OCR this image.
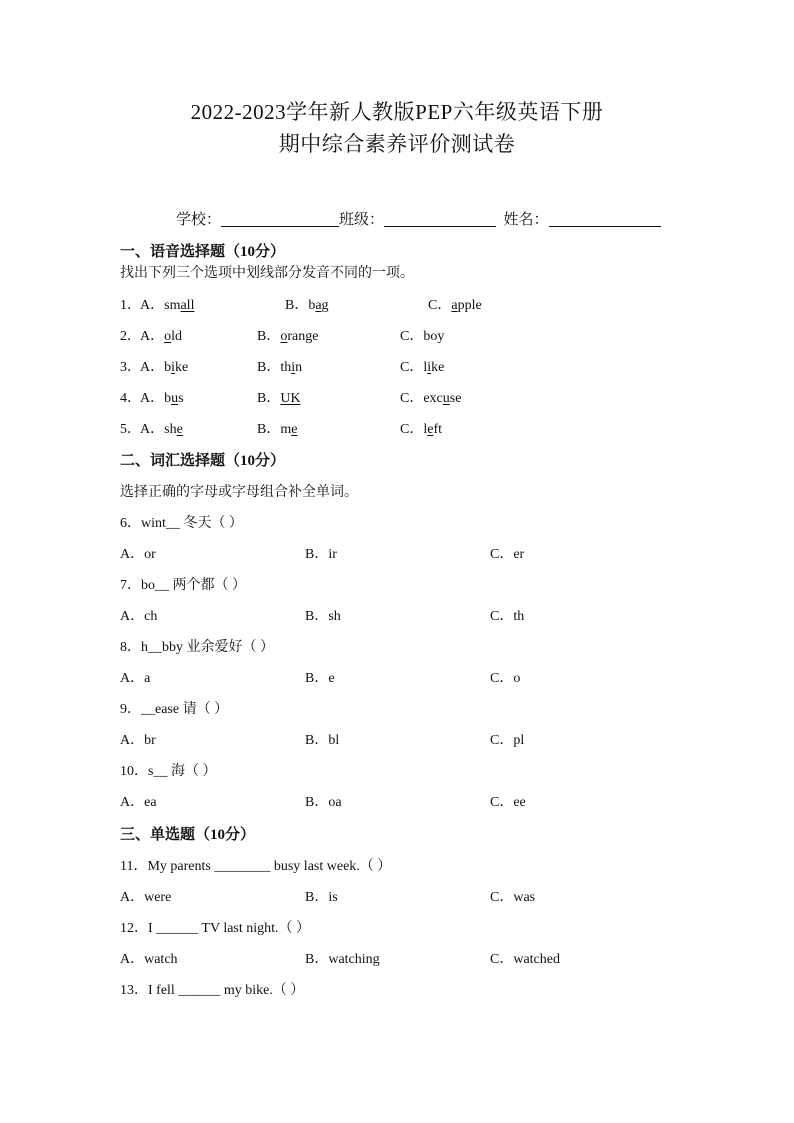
2022-2023学年新人教版PEP六年级英语下册
期中综合素养评价测试卷
学校：	班级：	姓名：
一、语音选择题（10分）
找出下列三个选项中划线部分发音不同的一项。
1． A．small	B．bag	C．apple
2． A．old	B．orange	C．boy
3． A．bike	B．thin	C．like
4． A．bus	B．UK	C．excuse
5． A．she	B．me	C．left
二、词汇选择题（10分）
选择正确的字母或字母组合补全单词。
6．wint__ 冬天（ ）
A．or	B．ir	C．er
7．bo__ 两个都（ ）
A．ch	B．sh	C．th
8．h__bby 业余爱好（ ）
A．a	B．e	C．o
9．__ease 请（ ）
A．br	B．bl	C．pl
10．s__ 海（ ）
A．ea	B．oa	C．ee
三、单选题（10分）
11．My parents ________ busy last week.（ ）
A．were	B．is	C．was
12．I ______ TV last night.（ ）
A．watch	B．watching	C．watched
13．I fell ______ my bike.（ ）
